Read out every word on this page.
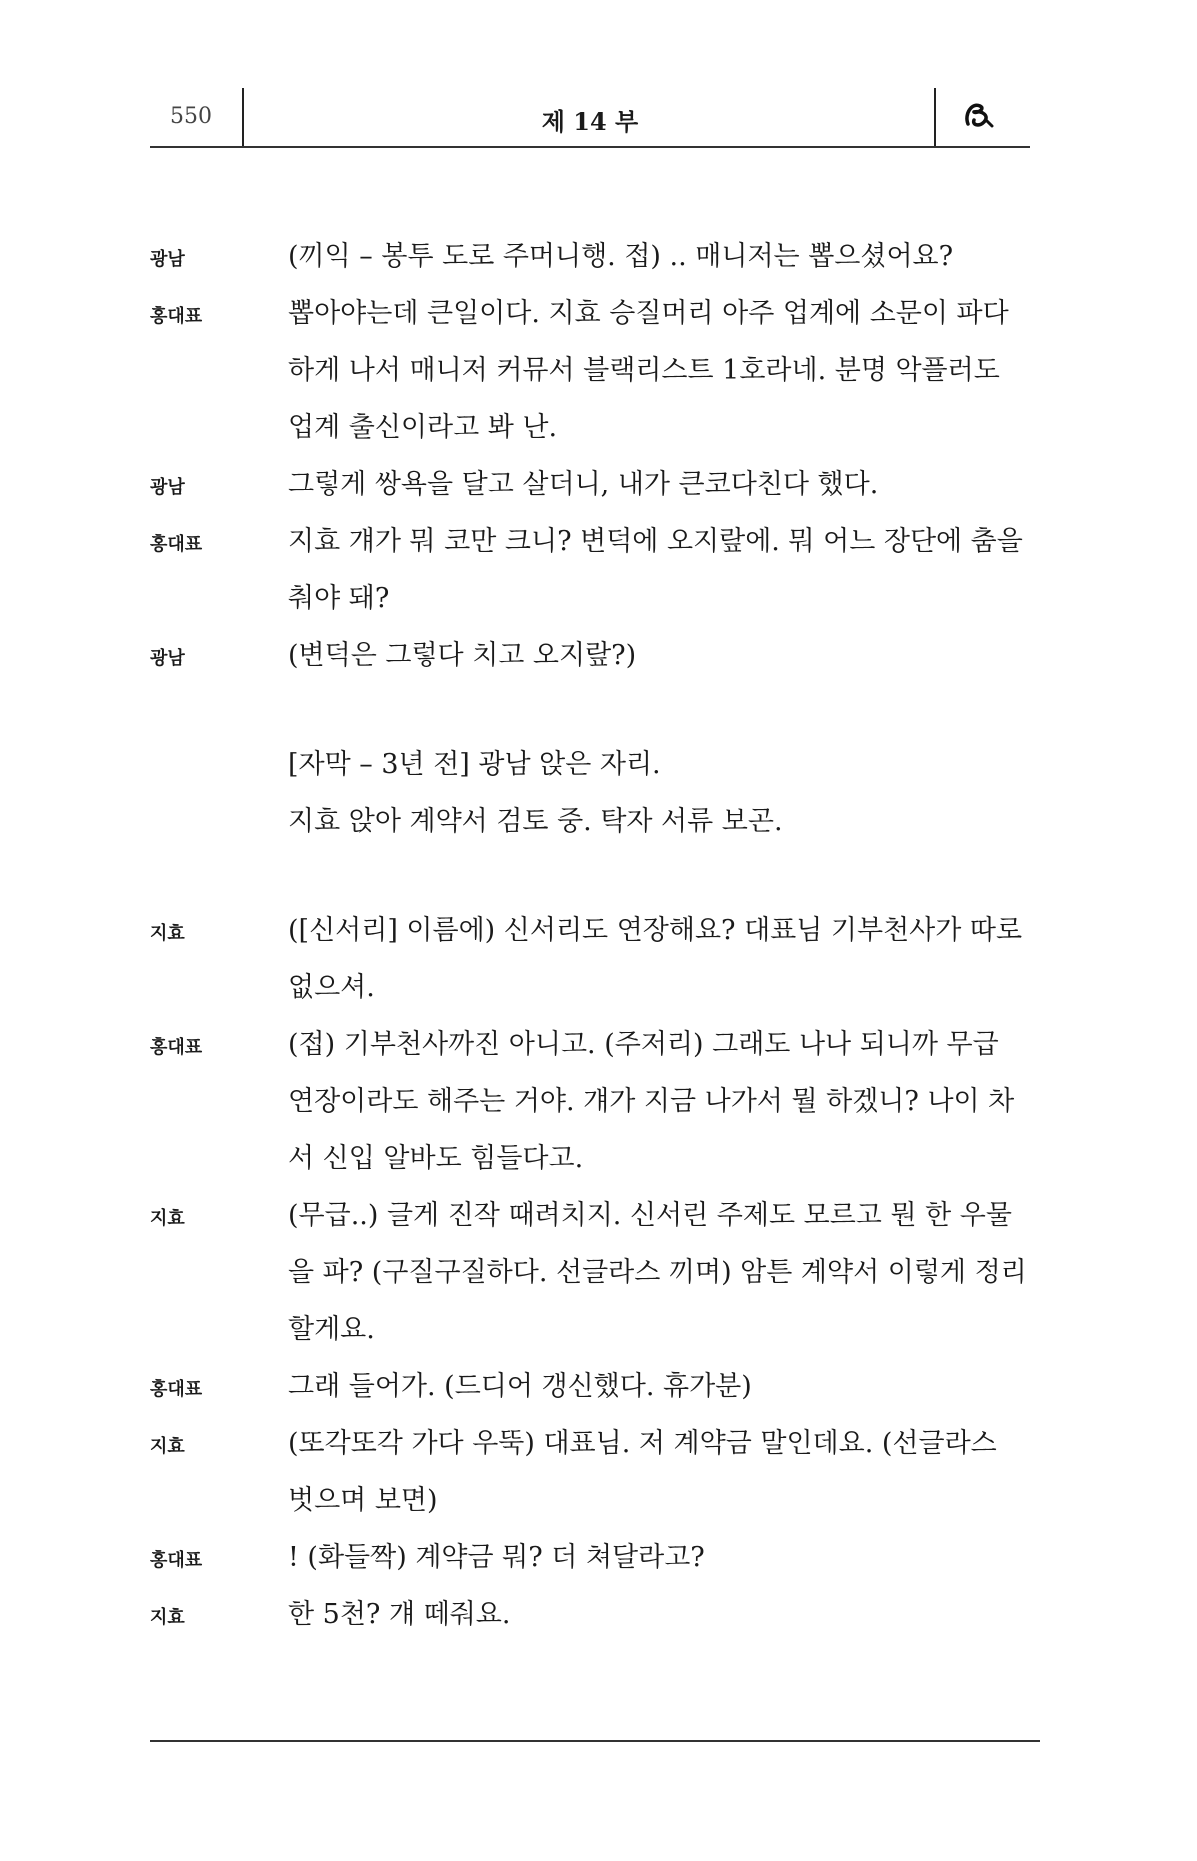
550	제 14 부
광남	(끼익 – 봉투 도로 주머니행. 접) .. 매니저는 뽑으셨어요?
홍대표	뽑아야는데 큰일이다. 지효 승질머리 아주 업계에 소문이 파다하게 나서 매니저 커뮤서 블랙리스트 1호라네. 분명 악플러도 업계 출신이라고 봐 난.
광남	그렇게 쌍욕을 달고 살더니, 내가 큰코다친다 했다.
홍대표	지효 걔가 뭐 코만 크니? 변덕에 오지랖에. 뭐 어느 장단에 춤을 춰야 돼?
광남	(변덕은 그렇다 치고 오지랖?)
[자막 – 3년 전] 광남 앉은 자리.
지효 앉아 계약서 검토 중. 탁자 서류 보곤.
지효	([신서리] 이름에) 신서리도 연장해요? 대표님 기부천사가 따로 없으셔.
홍대표	(접) 기부천사까진 아니고. (주저리) 그래도 나나 되니까 무급 연장이라도 해주는 거야. 걔가 지금 나가서 뭘 하겠니? 나이 차서 신입 알바도 힘들다고.
지효	(무급..) 글게 진작 때려치지. 신서린 주제도 모르고 뭔 한 우물을 파? (구질구질하다. 선글라스 끼며) 암튼 계약서 이렇게 정리할게요.
홍대표	그래 들어가. (드디어 갱신했다. 휴가분)
지효	(또각또각 가다 우뚝) 대표님. 저 계약금 말인데요. (선글라스 벗으며 보면)
홍대표	! (화들짝) 계약금 뭐? 더 쳐달라고?
지효	한 5천? 걔 떼줘요.
